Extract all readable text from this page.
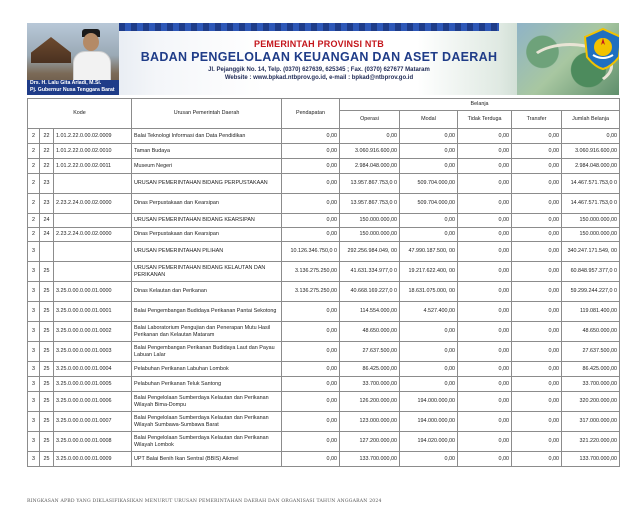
Drs. H. Lalu Gita Ariadi, M.Si.
Pj. Gubernur Nusa Tenggara Barat
PEMERINTAH PROVINSI NTB
BADAN PENGELOLAAN KEUANGAN DAN ASET DAERAH
Jl. Pejanggik No. 14, Telp. (0370) 627639, 625345 ; Fax. (0370) 627677 Mataram
Website : www.bpkad.ntbprov.go.id, e-mail : bpkad@ntbprov.go.id
Kode			Urusan Pemerintah Daerah	Pendapatan	Belanja				
					Operasi	Modal	Tidak Terduga	Transfer	Jumlah Belanja
2	22	1.01.2.22.0.00.02.0009	Balai Teknologi Informasi dan Data Pendidikan	0,00	0,00	0,00	0,00	0,00	0,00
2	22	1.01.2.22.0.00.02.0010	Taman Budaya	0,00	3.060.916.600,00	0,00	0,00	0,00	3.060.916.600,00
2	22	1.01.2.22.0.00.02.0011	Museum Negeri	0,00	2.984.048.000,00	0,00	0,00	0,00	2.984.048.000,00
2	23		URUSAN PEMERINTAHAN BIDANG PERPUSTAKAAN	0,00	13.957.867.753,0 0	509.704.000,00	0,00	0,00	14.467.571.753,0 0
2	23	2.23.2.24.0.00.02.0000	Dinas Perpustakaan dan Kearsipan	0,00	13.957.867.753,0 0	509.704.000,00	0,00	0,00	14.467.571.753,0 0
2	24		URUSAN PEMERINTAHAN BIDANG KEARSIPAN	0,00	150.000.000,00	0,00	0,00	0,00	150.000.000,00
2	24	2.23.2.24.0.00.02.0000	Dinas Perpustakaan dan Kearsipan	0,00	150.000.000,00	0,00	0,00	0,00	150.000.000,00
3			URUSAN PEMERINTAHAN PILIHAN	10.126.346.750,0 0	292.256.984.049, 00	47.990.187.500, 00	0,00	0,00	340.247.171.549, 00
3	25		URUSAN PEMERINTAHAN BIDANG KELAUTAN DAN PERIKANAN	3.136.275.250,00	41.631.334.977,0 0	19.217.622.400, 00	0,00	0,00	60.848.957.377,0 0
3	25	3.25.0.00.0.00.01.0000	Dinas Kelautan dan Perikanan	3.136.275.250,00	40.668.169.227,0 0	18.631.075.000, 00	0,00	0,00	59.299.244.227,0 0
3	25	3.25.0.00.0.00.01.0001	Balai Pengembangan Budidaya Perikanan Pantai Sekotong	0,00	114.554.000,00	4.527.400,00	0,00	0,00	119.081.400,00
3	25	3.25.0.00.0.00.01.0002	Balai Laboratorium Pengujian dan Penerapan Mutu Hasil Perikanan dan Kelautan Mataram	0,00	48.650.000,00	0,00	0,00	0,00	48.650.000,00
3	25	3.25.0.00.0.00.01.0003	Balai Pengembangan Perikanan Budidaya Laut dan Payau Labuan Lalar	0,00	27.637.500,00	0,00	0,00	0,00	27.637.500,00
3	25	3.25.0.00.0.00.01.0004	Pelabuhan Perikanan Labuhan Lombok	0,00	86.425.000,00	0,00	0,00	0,00	86.425.000,00
3	25	3.25.0.00.0.00.01.0005	Pelabuhan Perikanan Teluk Santong	0,00	33.700.000,00	0,00	0,00	0,00	33.700.000,00
3	25	3.25.0.00.0.00.01.0006	Balai Pengelolaan Sumberdaya Kelautan dan Perikanan Wilayah Bima-Dompu	0,00	126.200.000,00	194.000.000,00	0,00	0,00	320.200.000,00
3	25	3.25.0.00.0.00.01.0007	Balai Pengelolaan Sumberdaya Kelautan dan Perikanan Wilayah Sumbawa-Sumbawa Barat	0,00	123.000.000,00	194.000.000,00	0,00	0,00	317.000.000,00
3	25	3.25.0.00.0.00.01.0008	Balai Pengelolaan Sumberdaya Kelautan dan Perikanan Wilayah Lombok	0,00	127.200.000,00	194.020.000,00	0,00	0,00	321.220.000,00
3	25	3.25.0.00.0.00.01.0009	UPT Balai Benih Ikan Sentral (BBIS) Aikmel	0,00	133.700.000,00	0,00	0,00	0,00	133.700.000,00
RINGKASAN APBD YANG DIKLASIFIKASIKAN MENURUT URUSAN PEMERINTAHAN DAERAH DAN ORGANISASI TAHUN ANGGARAN 2024
